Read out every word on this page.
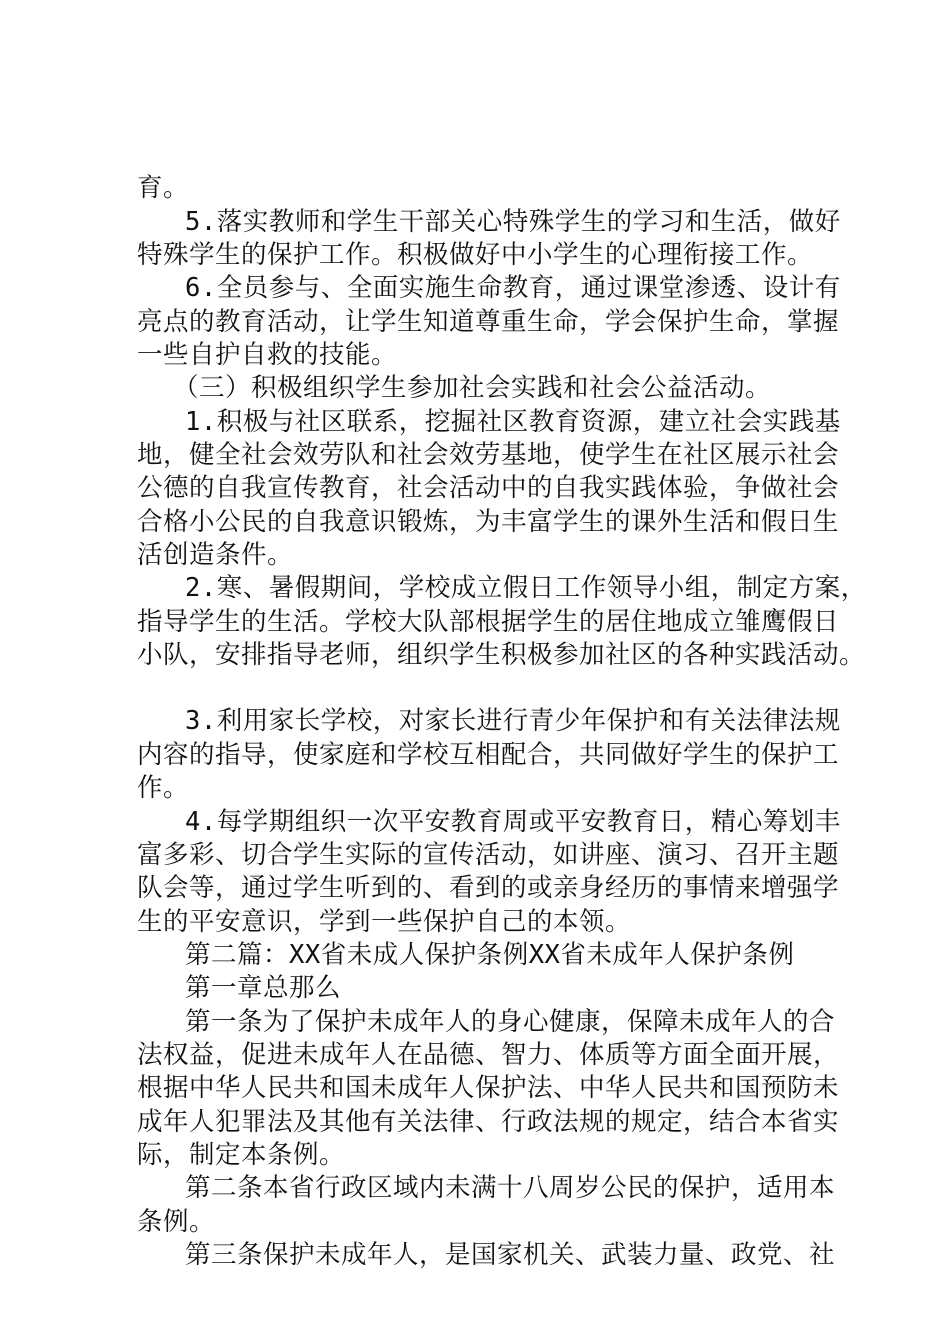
育。
5.落实教师和学生干部关心特殊学生的学习和生活，做好
特殊学生的保护工作。积极做好中小学生的心理衔接工作。
6.全员参与、全面实施生命教育，通过课堂渗透、设计有
亮点的教育活动，让学生知道尊重生命，学会保护生命，掌握
一些自护自救的技能。
（三）积极组织学生参加社会实践和社会公益活动。
1.积极与社区联系，挖掘社区教育资源，建立社会实践基
地，健全社会效劳队和社会效劳基地，使学生在社区展示社会
公德的自我宣传教育，社会活动中的自我实践体验，争做社会
合格小公民的自我意识锻炼，为丰富学生的课外生活和假日生
活创造条件。
2.寒、暑假期间，学校成立假日工作领导小组，制定方案，
指导学生的生活。学校大队部根据学生的居住地成立雏鹰假日
小队，安排指导老师，组织学生积极参加社区的各种实践活动。
3.利用家长学校，对家长进行青少年保护和有关法律法规
内容的指导，使家庭和学校互相配合，共同做好学生的保护工
作。
4.每学期组织一次平安教育周或平安教育日，精心筹划丰
富多彩、切合学生实际的宣传活动，如讲座、演习、召开主题
队会等，通过学生听到的、看到的或亲身经历的事情来增强学
生的平安意识，学到一些保护自己的本领。
第二篇：XX省未成人保护条例XX省未成年人保护条例
第一章总那么
第一条为了保护未成年人的身心健康，保障未成年人的合
法权益，促进未成年人在品德、智力、体质等方面全面开展，
根据中华人民共和国未成年人保护法、中华人民共和国预防未
成年人犯罪法及其他有关法律、行政法规的规定，结合本省实
际，制定本条例。
第二条本省行政区域内未满十八周岁公民的保护，适用本
条例。
第三条保护未成年人，是国家机关、武装力量、政党、社
